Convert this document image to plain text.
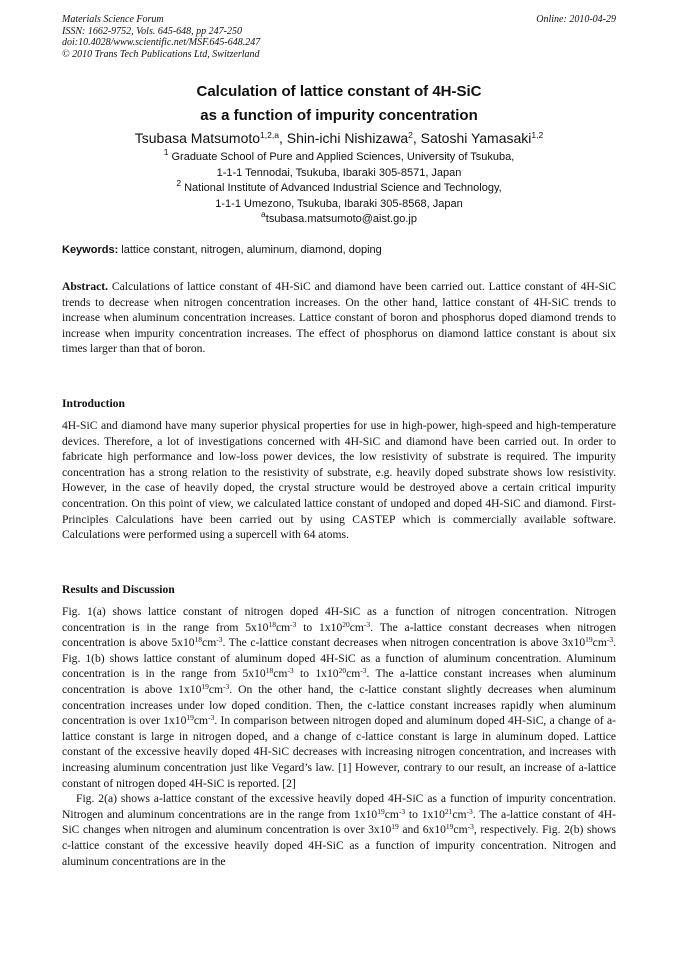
Materials Science Forum
ISSN: 1662-9752, Vols. 645-648, pp 247-250
doi:10.4028/www.scientific.net/MSF.645-648.247
© 2010 Trans Tech Publications Ltd, Switzerland
Online: 2010-04-29
Calculation of lattice constant of 4H-SiC
as a function of impurity concentration
Tsubasa Matsumoto$^{1,2,a}$, Shin-ichi Nishizawa$^2$, Satoshi Yamasaki$^{1,2}$
$^1$ Graduate School of Pure and Applied Sciences, University of Tsukuba,
1-1-1 Tennodai, Tsukuba, Ibaraki 305-8571, Japan
$^2$ National Institute of Advanced Industrial Science and Technology,
1-1-1 Umezono, Tsukuba, Ibaraki 305-8568, Japan
$^a$tsubasa.matsumoto@aist.go.jp
Keywords: lattice constant, nitrogen, aluminum, diamond, doping

Abstract. Calculations of lattice constant of 4H-SiC and diamond have been carried out. Lattice constant of 4H-SiC trends to decrease when nitrogen concentration increases. On the other hand, lattice constant of 4H-SiC trends to increase when aluminum concentration increases. Lattice constant of boron and phosphorus doped diamond trends to increase when impurity concentration increases. The effect of phosphorus on diamond lattice constant is about six times larger than that of boron.

Introduction

4H-SiC and diamond have many superior physical properties for use in high-power, high-speed and high-temperature devices. Therefore, a lot of investigations concerned with 4H-SiC and diamond have been carried out. In order to fabricate high performance and low-loss power devices, the low resistivity of substrate is required. The impurity concentration has a strong relation to the resistivity of substrate, e.g. heavily doped substrate shows low resistivity. However, in the case of heavily doped, the crystal structure would be destroyed above a certain critical impurity concentration. On this point of view, we calculated lattice constant of undoped and doped 4H-SiC and diamond. First-Principles Calculations have been carried out by using CASTEP which is commercially available software. Calculations were performed using a supercell with 64 atoms.

Results and Discussion

Fig. 1(a) shows lattice constant of nitrogen doped 4H-SiC as a function of nitrogen concentration. Nitrogen concentration is in the range from $5x10^{18}cm^{-3}$ to $1x10^{20}cm^{-3}$. The a-lattice constant decreases when nitrogen concentration is above $5x10^{18}cm^{-3}$. The c-lattice constant decreases when nitrogen concentration is above $3x10^{19}cm^{-3}$. Fig. 1(b) shows lattice constant of aluminum doped 4H-SiC as a function of aluminum concentration. Aluminum concentration is in the range from $5x10^{18}cm^{-3}$ to $1x10^{20}cm^{-3}$. The a-lattice constant increases when aluminum concentration is above $1x10^{19}cm^{-3}$. On the other hand, the c-lattice constant slightly decreases when aluminum concentration increases under low doped condition. Then, the c-lattice constant increases rapidly when aluminum concentration is over $1x10^{19}cm^{-3}$. In comparison between nitrogen doped and aluminum doped 4H-SiC, a change of a-lattice constant is large in nitrogen doped, and a change of c-lattice constant is large in aluminum doped. Lattice constant of the excessive heavily doped 4H-SiC decreases with increasing nitrogen concentration, and increases with increasing aluminum concentration just like Vegard’s law. [1] However, contrary to our result, an increase of a-lattice constant of nitrogen doped 4H-SiC is reported. [2]

Fig. 2(a) shows a-lattice constant of the excessive heavily doped 4H-SiC as a function of impurity concentration. Nitrogen and aluminum concentrations are in the range from $1x10^{19}cm^{-3}$ to $1x10^{21}cm^{-3}$. The a-lattice constant of 4H-SiC changes when nitrogen and aluminum concentration is over $3x10^{19}$ and $6x10^{19}cm^{-3}$, respectively. Fig. 2(b) shows c-lattice constant of the excessive heavily doped 4H-SiC as a function of impurity concentration. Nitrogen and aluminum concentrations are in the
